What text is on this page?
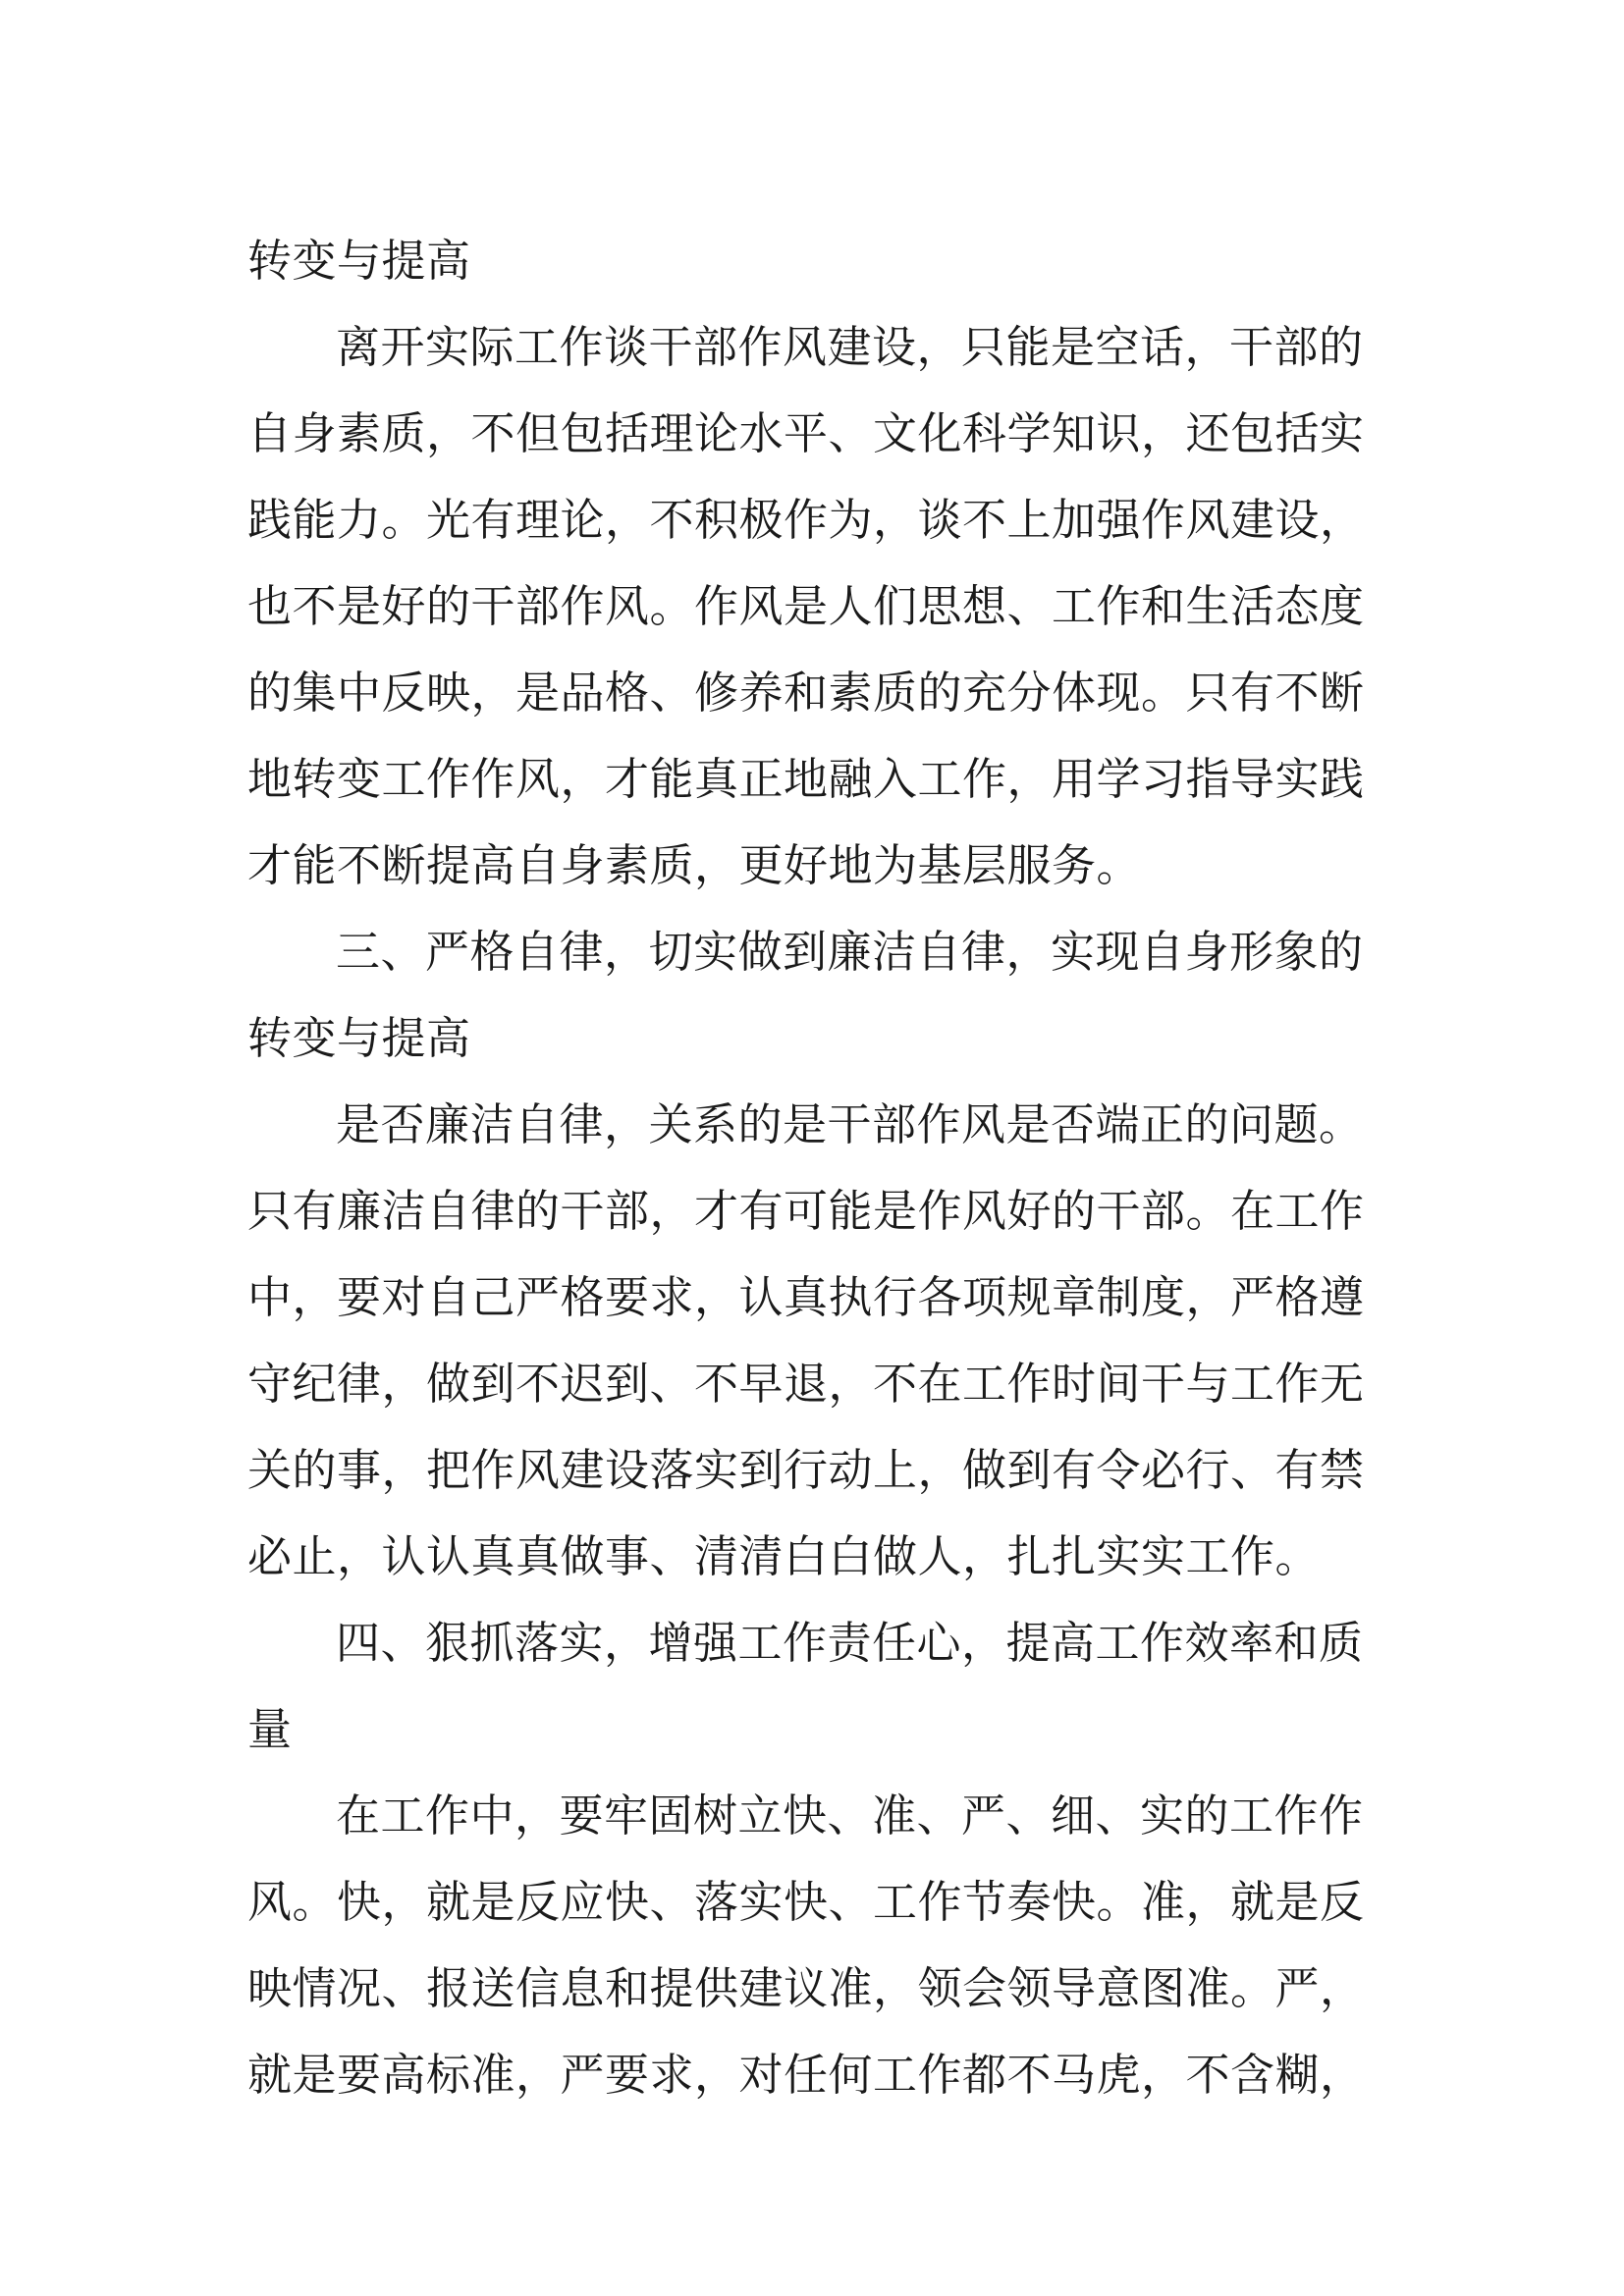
转变与提高
离开实际工作谈干部作风建设，只能是空话，干部的
自身素质，不但包括理论水平、文化科学知识，还包括实
践能力。光有理论，不积极作为，谈不上加强作风建设，
也不是好的干部作风。作风是人们思想、工作和生活态度
的集中反映，是品格、修养和素质的充分体现。只有不断
地转变工作作风，才能真正地融入工作，用学习指导实践
才能不断提高自身素质，更好地为基层服务。
三、严格自律，切实做到廉洁自律，实现自身形象的
转变与提高
是否廉洁自律，关系的是干部作风是否端正的问题。
只有廉洁自律的干部，才有可能是作风好的干部。在工作
中，要对自己严格要求，认真执行各项规章制度，严格遵
守纪律，做到不迟到、不早退，不在工作时间干与工作无
关的事，把作风建设落实到行动上，做到有令必行、有禁
必止，认认真真做事、清清白白做人，扎扎实实工作。
四、狠抓落实，增强工作责任心，提高工作效率和质
量
在工作中，要牢固树立快、准、严、细、实的工作作
风。快，就是反应快、落实快、工作节奏快。准，就是反
映情况、报送信息和提供建议准，领会领导意图准。严，
就是要高标准，严要求，对任何工作都不马虎，不含糊，
